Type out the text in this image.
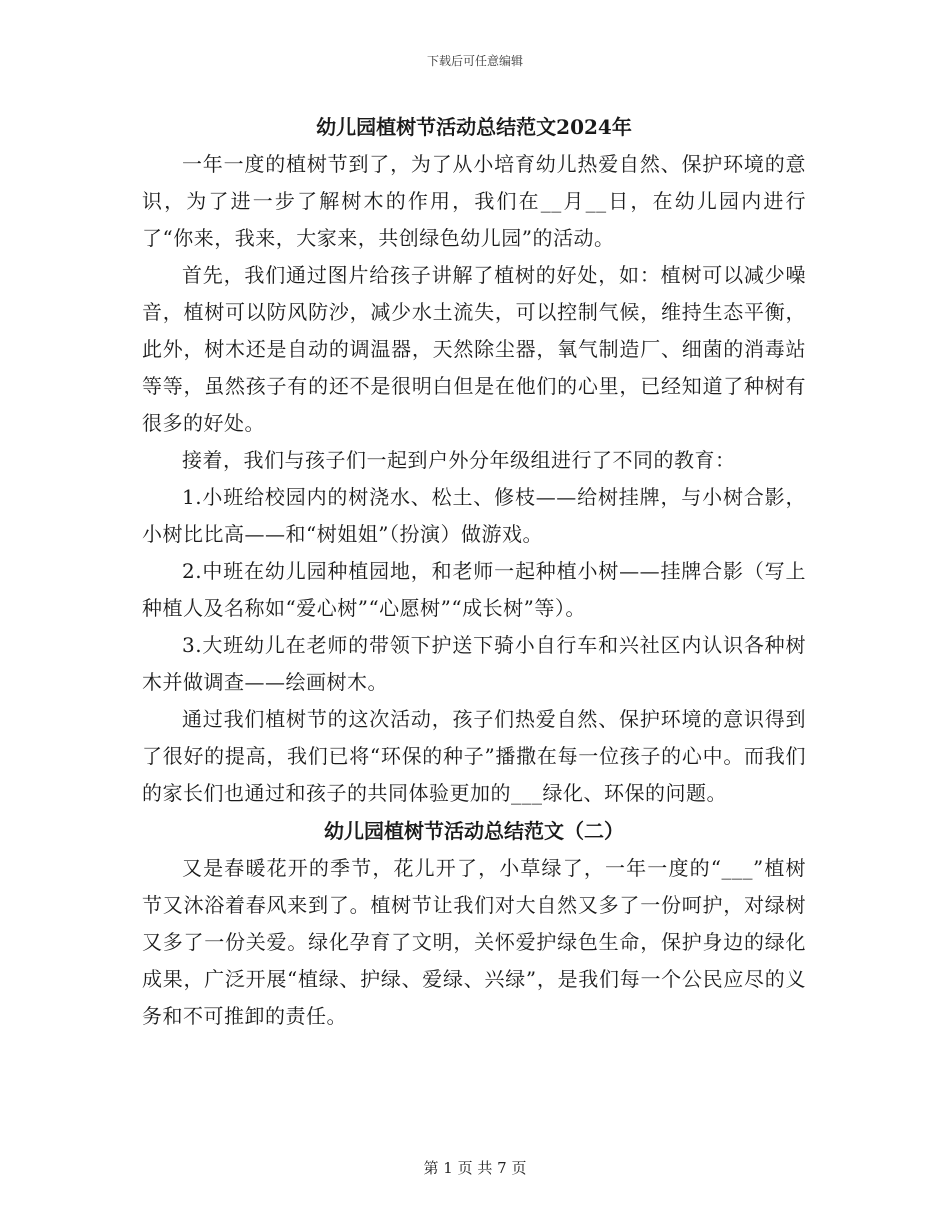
下载后可任意编辑
幼儿园植树节活动总结范文2024年

一年一度的植树节到了，为了从小培育幼儿热爱自然、保护环境的意识，为了进一步了解树木的作用，我们在__月__日，在幼儿园内进行了“你来，我来，大家来，共创绿色幼儿园”的活动。

首先，我们通过图片给孩子讲解了植树的好处，如：植树可以减少噪音，植树可以防风防沙，减少水土流失，可以控制气候，维持生态平衡，此外，树木还是自动的调温器，天然除尘器，氧气制造厂、细菌的消毒站等等，虽然孩子有的还不是很明白但是在他们的心里，已经知道了种树有很多的好处。

接着，我们与孩子们一起到户外分年级组进行了不同的教育：

1.小班给校园内的树浇水、松土、修枝——给树挂牌，与小树合影，小树比比高——和“树姐姐”（扮演）做游戏。

2.中班在幼儿园种植园地，和老师一起种植小树——挂牌合影（写上种植人及名称如“爱心树”“心愿树”“成长树”等）。

3.大班幼儿在老师的带领下护送下骑小自行车和兴社区内认识各种树木并做调查——绘画树木。

通过我们植树节的这次活动，孩子们热爱自然、保护环境的意识得到了很好的提高，我们已将“环保的种子”播撒在每一位孩子的心中。而我们的家长们也通过和孩子的共同体验更加的___绿化、环保的问题。

幼儿园植树节活动总结范文（二）

又是春暖花开的季节，花儿开了，小草绿了，一年一度的“___”植树节又沐浴着春风来到了。植树节让我们对大自然又多了一份呵护，对绿树又多了一份关爱。绿化孕育了文明，关怀爱护绿色生命，保护身边的绿化成果，广泛开展“植绿、护绿、爱绿、兴绿”，是我们每一个公民应尽的义务和不可推卸的责任。

第 1 页 共 7 页
